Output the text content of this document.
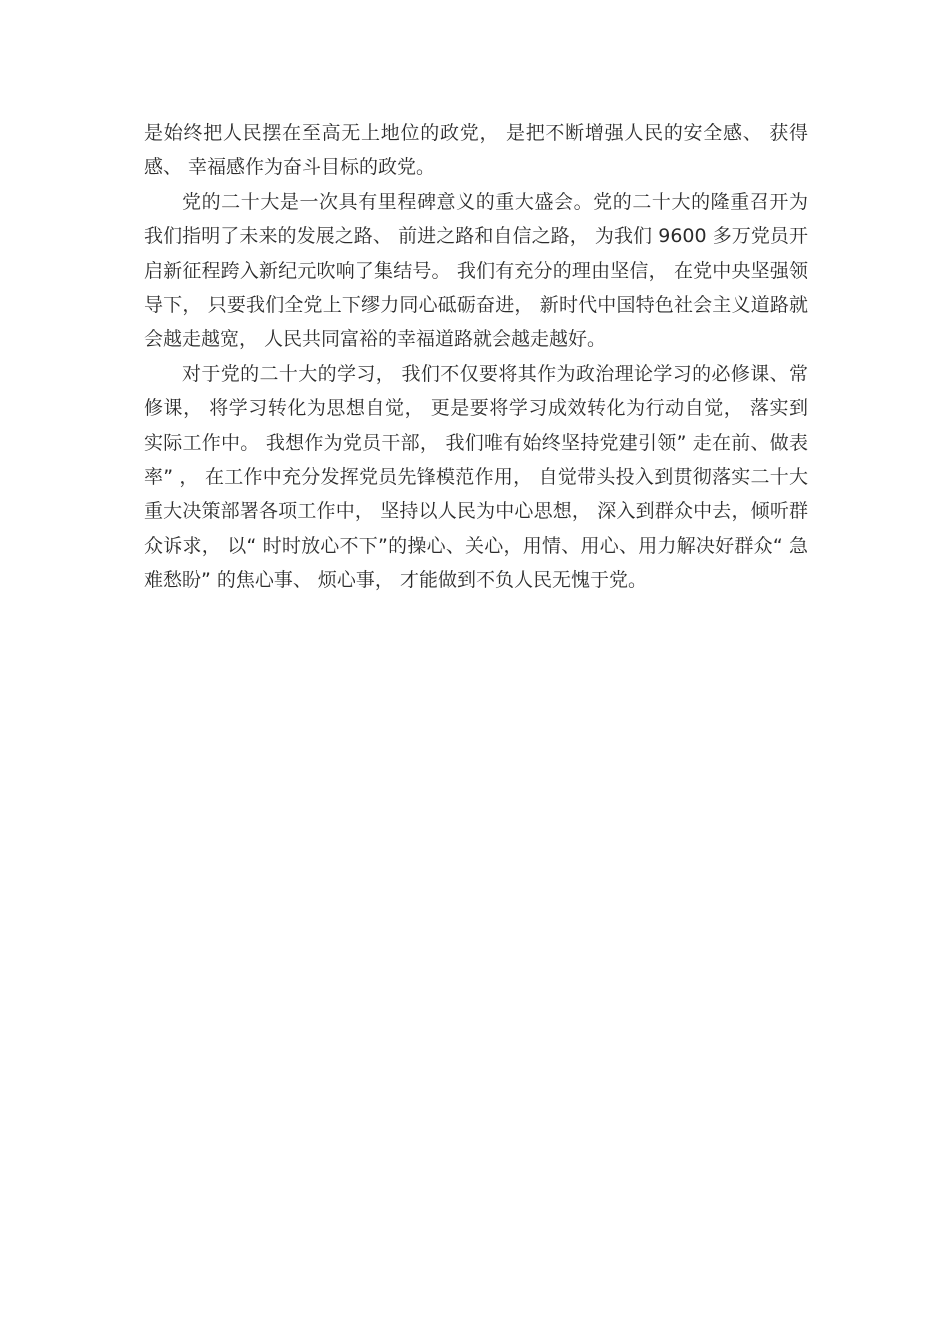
是始终把人民摆在至高无上地位的政党， 是把不断增强人民的安全感、 获得感、 幸福感作为奋斗目标的政党。

党的二十大是一次具有里程碑意义的重大盛会。党的二十大的隆重召开为我们指明了未来的发展之路、 前进之路和自信之路， 为我们 9600 多万党员开启新征程跨入新纪元吹响了集结号。 我们有充分的理由坚信， 在党中央坚强领导下， 只要我们全党上下缪力同心砥砺奋进， 新时代中国特色社会主义道路就会越走越宽， 人民共同富裕的幸福道路就会越走越好。

对于党的二十大的学习， 我们不仅要将其作为政治理论学习的必修课、常修课， 将学习转化为思想自觉， 更是要将学习成效转化为行动自觉， 落实到实际工作中。 我想作为党员干部， 我们唯有始终坚持党建引领” 走在前、做表率” ， 在工作中充分发挥党员先锋模范作用， 自觉带头投入到贯彻落实二十大重大决策部署各项工作中， 坚持以人民为中心思想， 深入到群众中去，倾听群众诉求， 以“ 时时放心不下”的操心、关心，用情、用心、用力解决好群众“ 急难愁盼” 的焦心事、 烦心事， 才能做到不负人民无愧于党。
